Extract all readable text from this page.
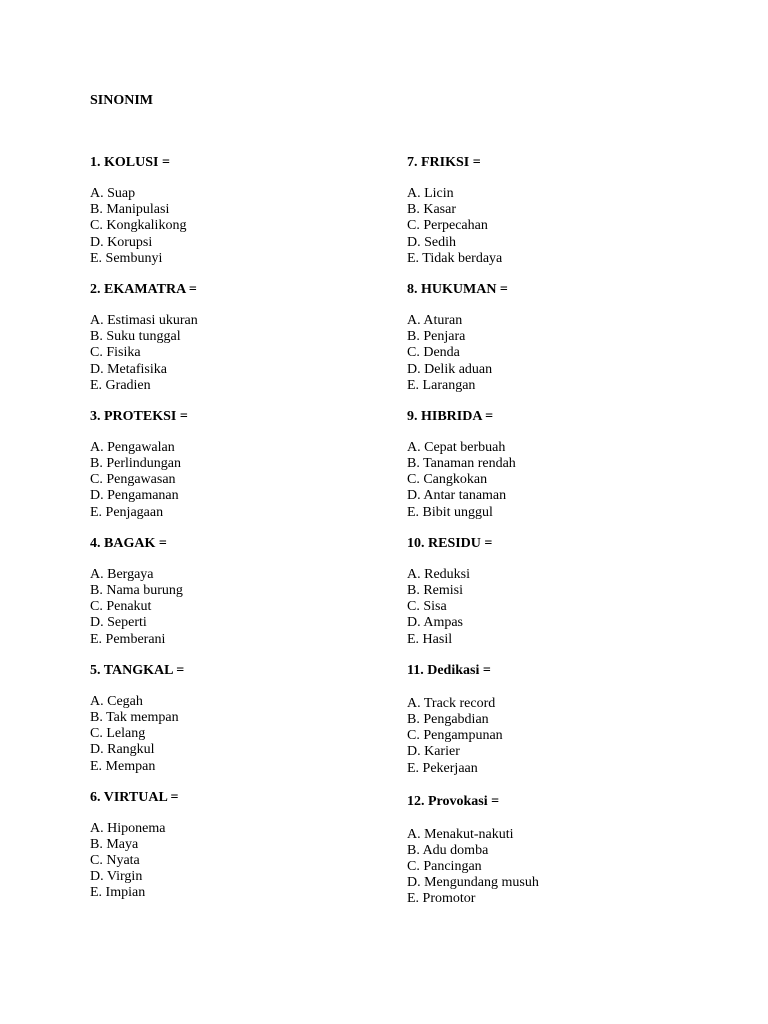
SINONIM
1. KOLUSI =
A. Suap
B. Manipulasi
C. Kongkalikong
D. Korupsi
E. Sembunyi
2. EKAMATRA =
A. Estimasi ukuran
B. Suku tunggal
C. Fisika
D. Metafisika
E. Gradien
3. PROTEKSI =
A. Pengawalan
B. Perlindungan
C. Pengawasan
D. Pengamanan
E. Penjagaan
4. BAGAK =
A. Bergaya
B. Nama burung
C. Penakut
D. Seperti
E. Pemberani
5. TANGKAL =
A. Cegah
B. Tak mempan
C. Lelang
D. Rangkul
E. Mempan
6. VIRTUAL =
A. Hiponema
B. Maya
C. Nyata
D. Virgin
E. Impian
7. FRIKSI =
A. Licin
B. Kasar
C. Perpecahan
D. Sedih
E. Tidak berdaya
8. HUKUMAN =
A. Aturan
B. Penjara
C. Denda
D. Delik aduan
E. Larangan
9. HIBRIDA =
A. Cepat berbuah
B. Tanaman rendah
C. Cangkokan
D. Antar tanaman
E. Bibit unggul
10. RESIDU =
A. Reduksi
B. Remisi
C. Sisa
D. Ampas
E. Hasil
11. Dedikasi =
A. Track record
B. Pengabdian
C. Pengampunan
D. Karier
E. Pekerjaan
12. Provokasi =
A. Menakut-nakuti
B. Adu domba
C. Pancingan
D. Mengundang musuh
E. Promotor
